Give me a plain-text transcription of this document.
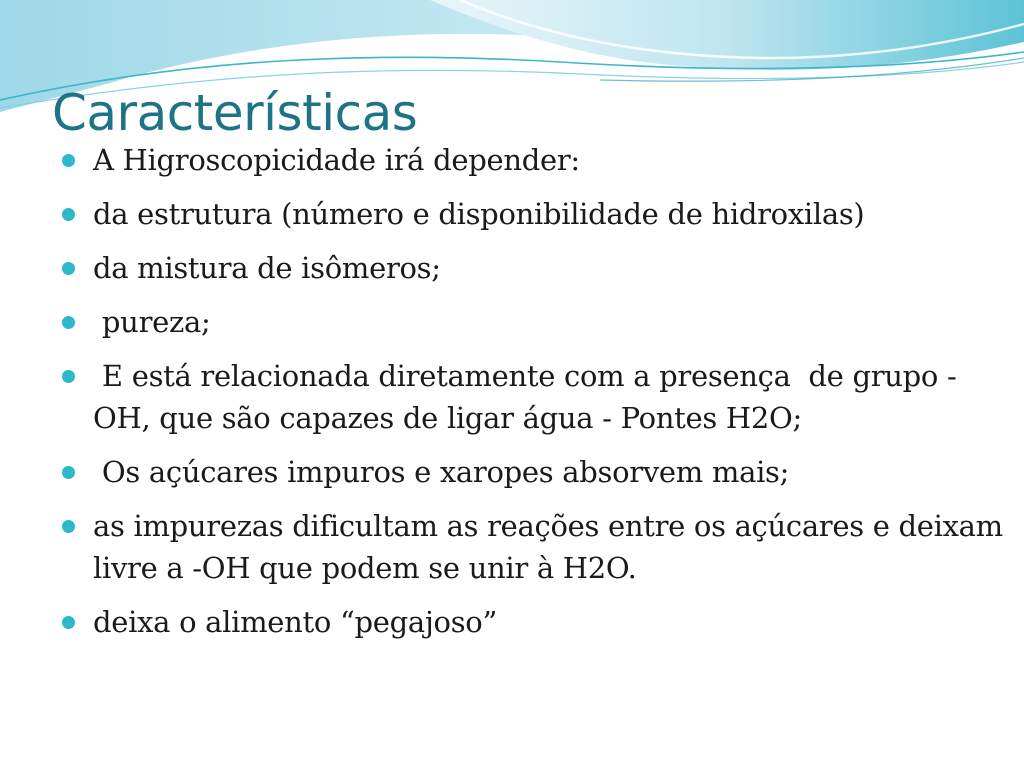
Características
A Higroscopicidade irá depender:
da estrutura (número e disponibilidade de hidroxilas)
da mistura de isômeros;
pureza;
E está relacionada diretamente com a presença  de grupo -OH, que são capazes de ligar água - Pontes H2O;
Os açúcares impuros e xaropes absorvem mais;
as impurezas dificultam as reações entre os açúcares e deixam livre a -OH que podem se unir à H2O.
deixa o alimento “pegajoso”
